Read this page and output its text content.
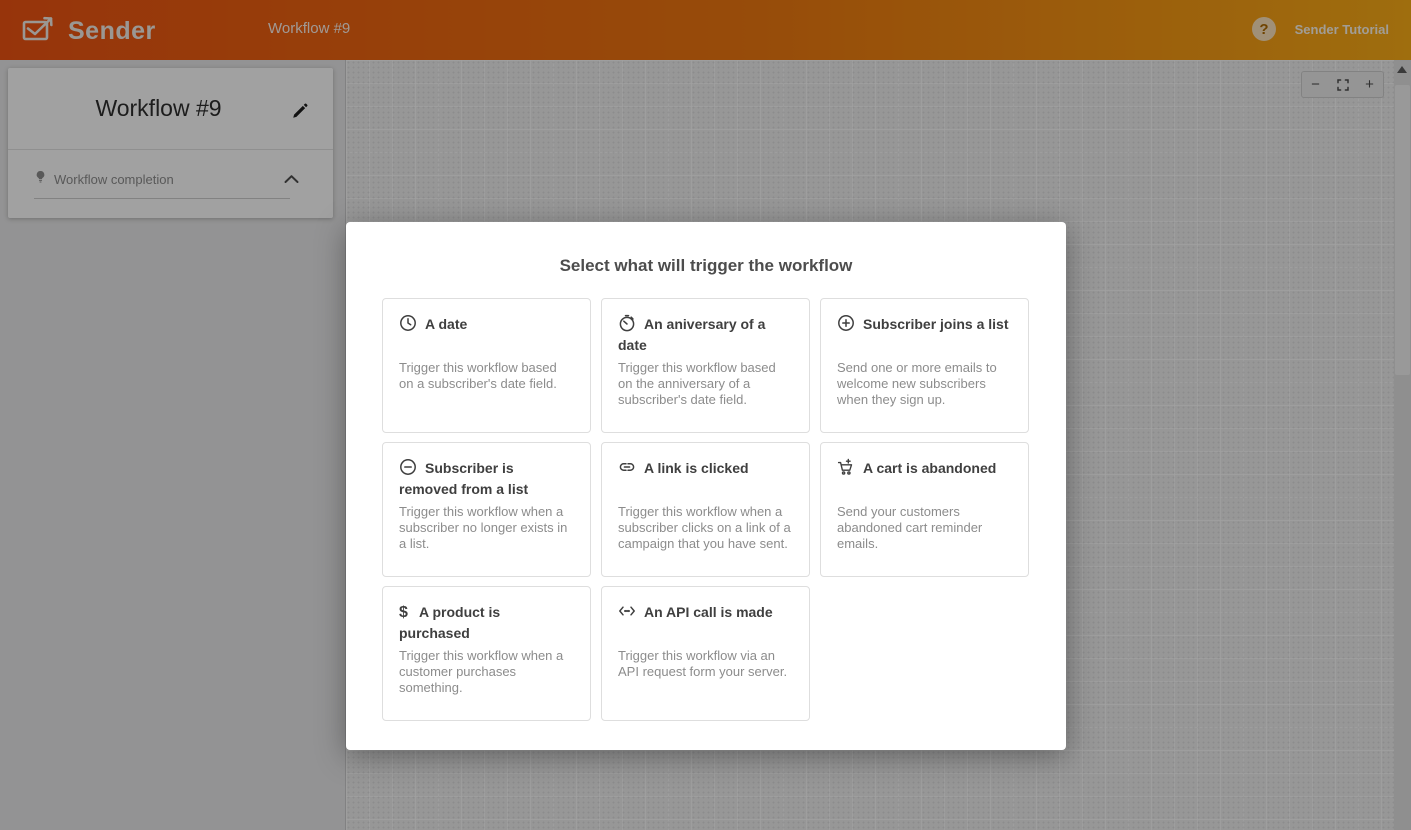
Sender	Workflow #9	?	Sender Tutorial
Workflow #9
Workflow completion
−	+
Select what will trigger the workflow
A date
Trigger this workflow based on a subscriber's date field.
An aniversary of a date
Trigger this workflow based on the anniversary of a subscriber's date field.
Subscriber joins a list
Send one or more emails to welcome new subscribers when they sign up.
Subscriber is removed from a list
Trigger this workflow when a subscriber no longer exists in a list.
A link is clicked
Trigger this workflow when a subscriber clicks on a link of a campaign that you have sent.
A cart is abandoned
Send your customers abandoned cart reminder emails.
$ A product is purchased
Trigger this workflow when a customer purchases something.
An API call is made
Trigger this workflow via an API request form your server.
